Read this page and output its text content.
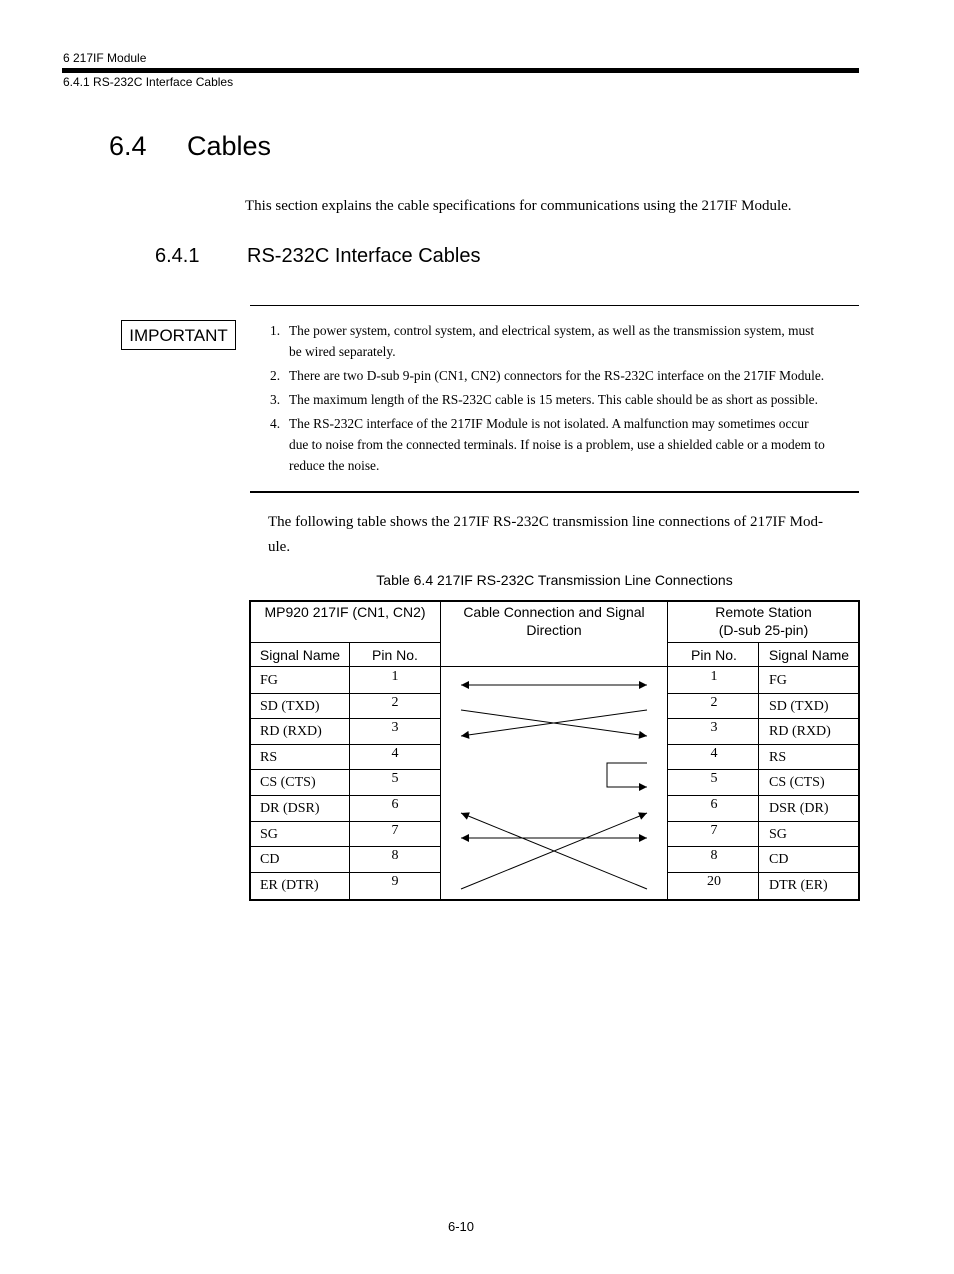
6 217IF Module
6.4.1 RS-232C Interface Cables
6.4 Cables
This section explains the cable specifications for communications using the 217IF Module.
6.4.1 RS-232C Interface Cables
IMPORTANT	1. The power system, control system, and electrical system, as well as the transmission system, must
be wired separately.
2. There are two D-sub 9-pin (CN1, CN2) connectors for the RS-232C interface on the 217IF Module.
3. The maximum length of the RS-232C cable is 15 meters. This cable should be as short as possible.
4. The RS-232C interface of the 217IF Module is not isolated. A malfunction may sometimes occur
due to noise from the connected terminals. If noise is a problem, use a shielded cable or a modem to
reduce the noise.
The following table shows the 217IF RS-232C transmission line connections of 217IF Mod-
ule.
Table 6.4 217IF RS-232C Transmission Line Connections
MP920 217IF (CN1, CN2)	Cable Connection and Signal
Direction
Remote Station
(D-sub 25-pin)
Signal Name	Pin No.	Pin No.	Signal Name
FG	1	1	FG
SD (TXD)	2	2	SD (TXD)
RD (RXD)	3	3	RD (RXD)
RS	4	4	RS
CS (CTS)	5	5	CS (CTS)
DR (DSR)	6	6	DSR (DR)
SG	7	7	SG
CD	8	8	CD
ER (DTR)	9	20	DTR (ER)
6-10
